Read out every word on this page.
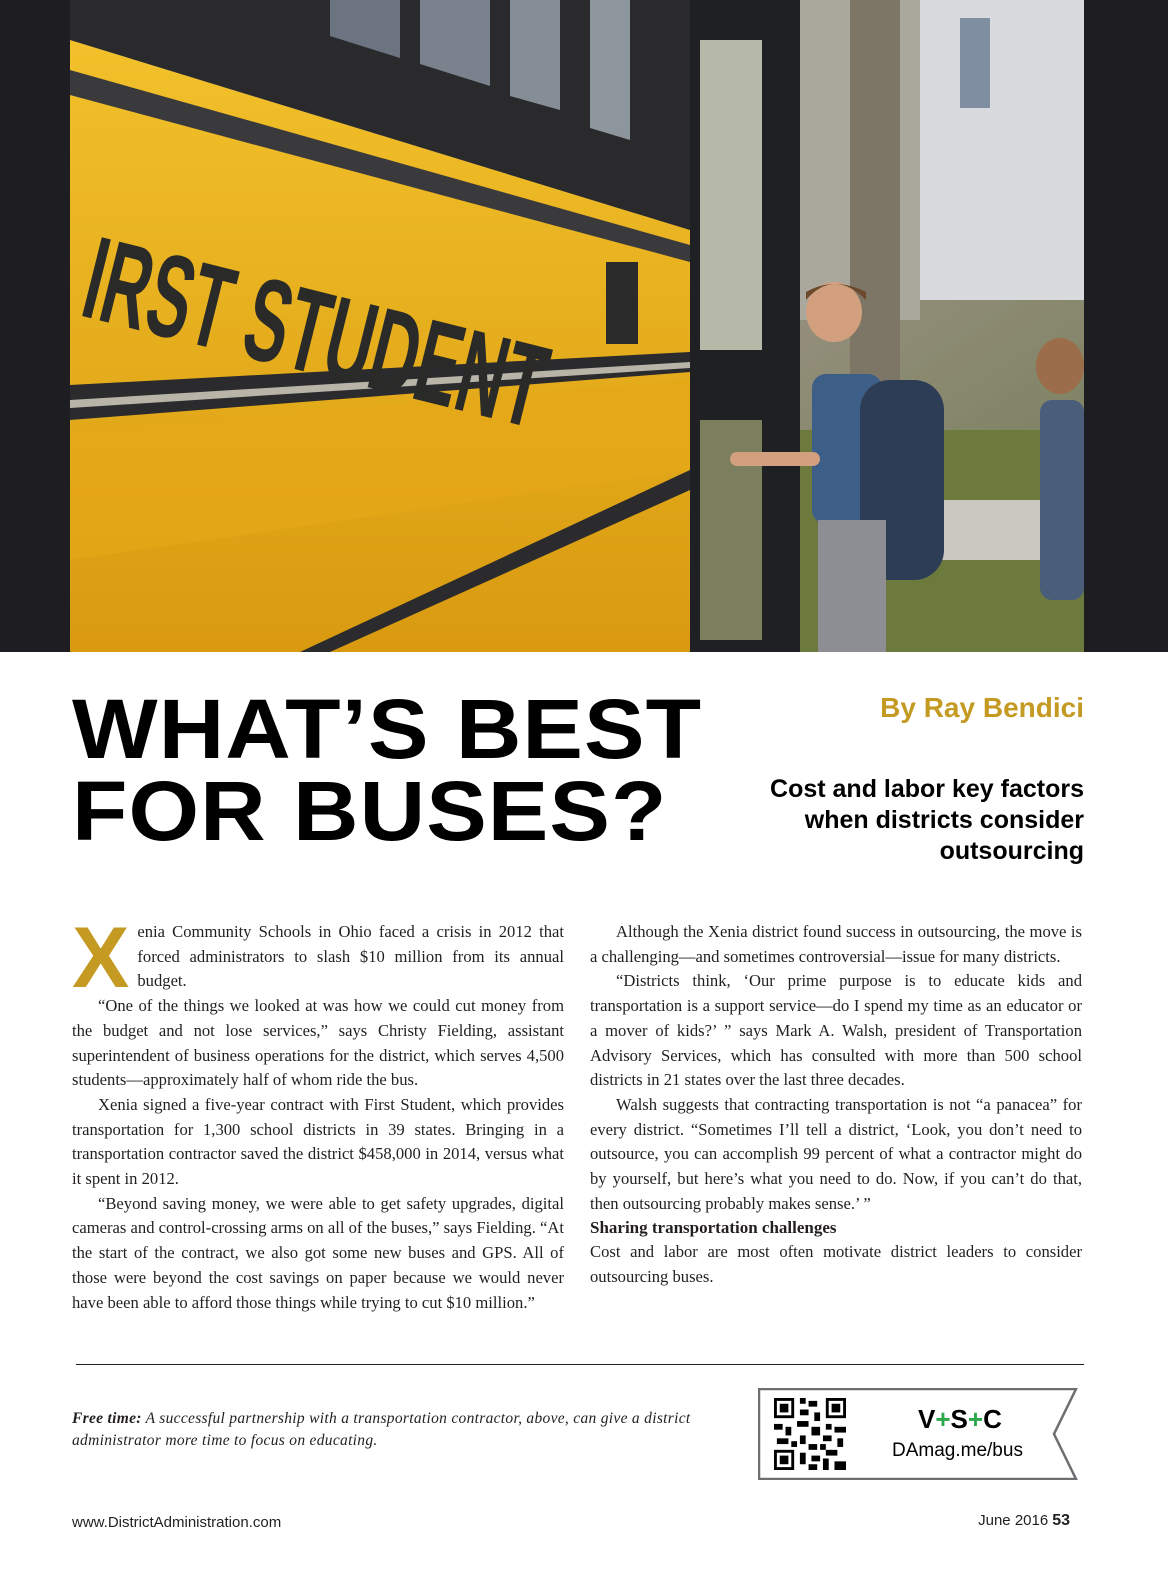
IRST STUDENT
WHAT’S BEST
FOR BUSES?
By Ray Bendici
Cost and labor key factors when districts consider outsourcing

Xenia Community Schools in Ohio faced a crisis in 2012 that forced administrators to slash $10 million from its annual budget.

“One of the things we looked at was how we could cut money from the budget and not lose services,” says Christy Fielding, assistant superintendent of business operations for the district, which serves 4,500 students—approximately half of whom ride the bus.

Xenia signed a five-year contract with First Student, which provides transportation for 1,300 school districts in 39 states. Bringing in a transportation contractor saved the district $458,000 in 2014, versus what it spent in 2012.

“Beyond saving money, we were able to get safety upgrades, digital cameras and control-crossing arms on all of the buses,” says Fielding. “At the start of the contract, we also got some new buses and GPS. All of those were beyond the cost savings on paper because we would never have been able to afford those things while trying to cut $10 million.”

Although the Xenia district found success in outsourcing, the move is a challenging—and sometimes controversial—issue for many districts.

“Districts think, ‘Our prime purpose is to educate kids and transportation is a support service—do I spend my time as an educator or a mover of kids?’ ” says Mark A. Walsh, president of Transportation Advisory Services, which has consulted with more than 500 school districts in 21 states over the last three decades.

Walsh suggests that contracting transportation is not “a panacea” for every district. “Sometimes I’ll tell a district, ‘Look, you don’t need to outsource, you can accomplish 99 percent of what a contractor might do by yourself, but here’s what you need to do. Now, if you can’t do that, then outsourcing probably makes sense.’ ”

Sharing transportation challenges

Cost and labor are most often motivate district leaders to consider outsourcing buses.

Free time: A successful partnership with a transportation contractor, above, can give a district administrator more time to focus on educating.
V+S+C
DAmag.me/bus
www.DistrictAdministration.com	June 2016 53
